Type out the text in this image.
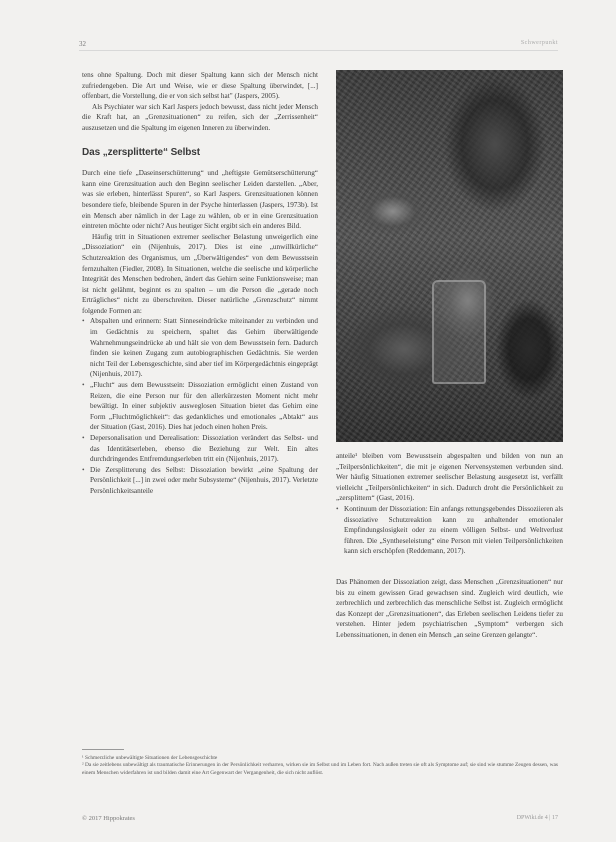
32	Schwerpunkt

tens ohne Spaltung. Doch mit dieser Spaltung kann sich der Mensch nicht zufriedengeben. Die Art und Weise, wie er diese Spaltung überwindet, [...] offenbart, die Vorstellung, die er von sich selbst hat" (Jaspers, 2005).

Als Psychiater war sich Karl Jaspers jedoch bewusst, dass nicht jeder Mensch die Kraft hat, an „Grenzsituationen“ zu reifen, sich der „Zerrissenheit“ auszusetzen und die Spaltung im eigenen Inneren zu überwinden.

Das „zersplitterte“ Selbst

Durch eine tiefe „Daseinserschütterung“ und „heftigste Gemütserschütterung“ kann eine Grenzsituation auch den Beginn seelischer Leiden darstellen. „Aber, was sie erleben, hinterlässt Spuren“, so Karl Jaspers. Grenzsituationen können besondere tiefe, bleibende Spuren in der Psyche hinterlassen (Jaspers, 1973b). Ist ein Mensch aber nämlich in der Lage zu wählen, ob er in eine Grenzsituation eintreten möchte oder nicht? Aus heutiger Sicht ergibt sich ein anderes Bild.

Häufig tritt in Situationen extremer seelischer Belastung unweigerlich eine „Dissoziation“ ein (Nijenhuis, 2017). Dies ist eine „unwillkürliche“ Schutzreaktion des Organismus, um „Überwältigendes“ von dem Bewusstsein fernzuhalten (Fiedler, 2008). In Situationen, welche die seelische und körperliche Integrität des Menschen bedrohen, ändert das Gehirn seine Funktionsweise; man ist nicht gelähmt, beginnt es zu spalten – um die Person die „gerade noch Erträgliches“ nicht zu überschreiten. Dieser natürliche „Grenzschutz“ nimmt folgende Formen an:

• Abspalten und erinnern: Statt Sinneseindrücke miteinander zu verbinden und im Gedächtnis zu speichern, spaltet das Gehirn überwältigende Wahrnehmungseindrücke ab und hält sie von dem Bewusstsein fern. Dadurch finden sie keinen Zugang zum autobiographischen Gedächtnis. Sie werden nicht Teil der Lebensgeschichte, sind aber tief im Körpergedächtnis eingeprägt (Nijenhuis, 2017).
• „Flucht“ aus dem Bewusstsein: Dissoziation ermöglicht einen Zustand von Reizen, die eine Person nur für den allerkürzesten Moment nicht mehr bewältigt. In einer subjektiv ausweglosen Situation bietet das Gehirn eine Form „Fluchtmöglichkeit“: das gedankliches und emotionales „Abtakt“ aus der Situation (Gast, 2016). Dies hat jedoch einen hohen Preis.
• Depersonalisation und Derealisation: Dissoziation verändert das Selbst- und das Identitätserleben, ebenso die Beziehung zur Welt. Ein altes durchdringendes Entfremdungserleben tritt ein (Nijenhuis, 2017).
• Die Zersplitterung des Selbst: Dissoziation bewirkt „eine Spaltung der Persönlichkeit [...] in zwei oder mehr Subsysteme“ (Nijenhuis, 2017). Verletzte Persönlichkeitsanteile

anteile¹ bleiben vom Bewusstsein abgespalten und bilden von nun an „Teilpersönlichkeiten“, die mit je eigenen Nervensystemen verbunden sind. Wer häufig Situationen extremer seelischer Belastung ausgesetzt ist, verfällt vielleicht „Teilpersönlichkeiten“ in sich. Dadurch droht die Persönlichkeit zu „zersplittern“ (Gast, 2016).

• Kontinuum der Dissoziation: Ein anfangs rettungsgebendes Dissoziieren als dissoziative Schutzreaktion kann zu anhaltender emotionaler Empfindungslosigkeit oder zu einem völligen Selbst- und Weltverlust führen. Die „Syntheseleistung“ eine Person mit vielen Teilpersönlichkeiten kann sich erschöpfen (Reddemann, 2017).

Das Phänomen der Dissoziation zeigt, dass Menschen „Grenzsituationen“ nur bis zu einem gewissen Grad gewachsen sind. Zugleich wird deutlich, wie zerbrechlich und zerbrechlich das menschliche Selbst ist. Zugleich ermöglicht das Konzept der „Grenzsituationen“, das Erleben seelischen Leidens tiefer zu verstehen. Hinter jedem psychiatrischen „Symptom“ verbergen sich Lebenssituationen, in denen ein Mensch „an seine Grenzen gelangte“.

¹ Schmerzliche unbewältigte Situationen der Lebensgeschichte

² Da sie zeitlebens unbewältigt als traumatische Erinnerungen in der Persönlichkeit verharren, wirken sie im Selbst und im Leben fort. Nach außen treten sie oft als Symptome auf; sie sind wie stumme Zeugen dessen, was einem Menschen widerfahren ist und bilden damit eine Art Gegenwart der Vergangenheit, die sich nicht auflöst.

© 2017 Hippokrates	DPWiki.de 4 | 17
